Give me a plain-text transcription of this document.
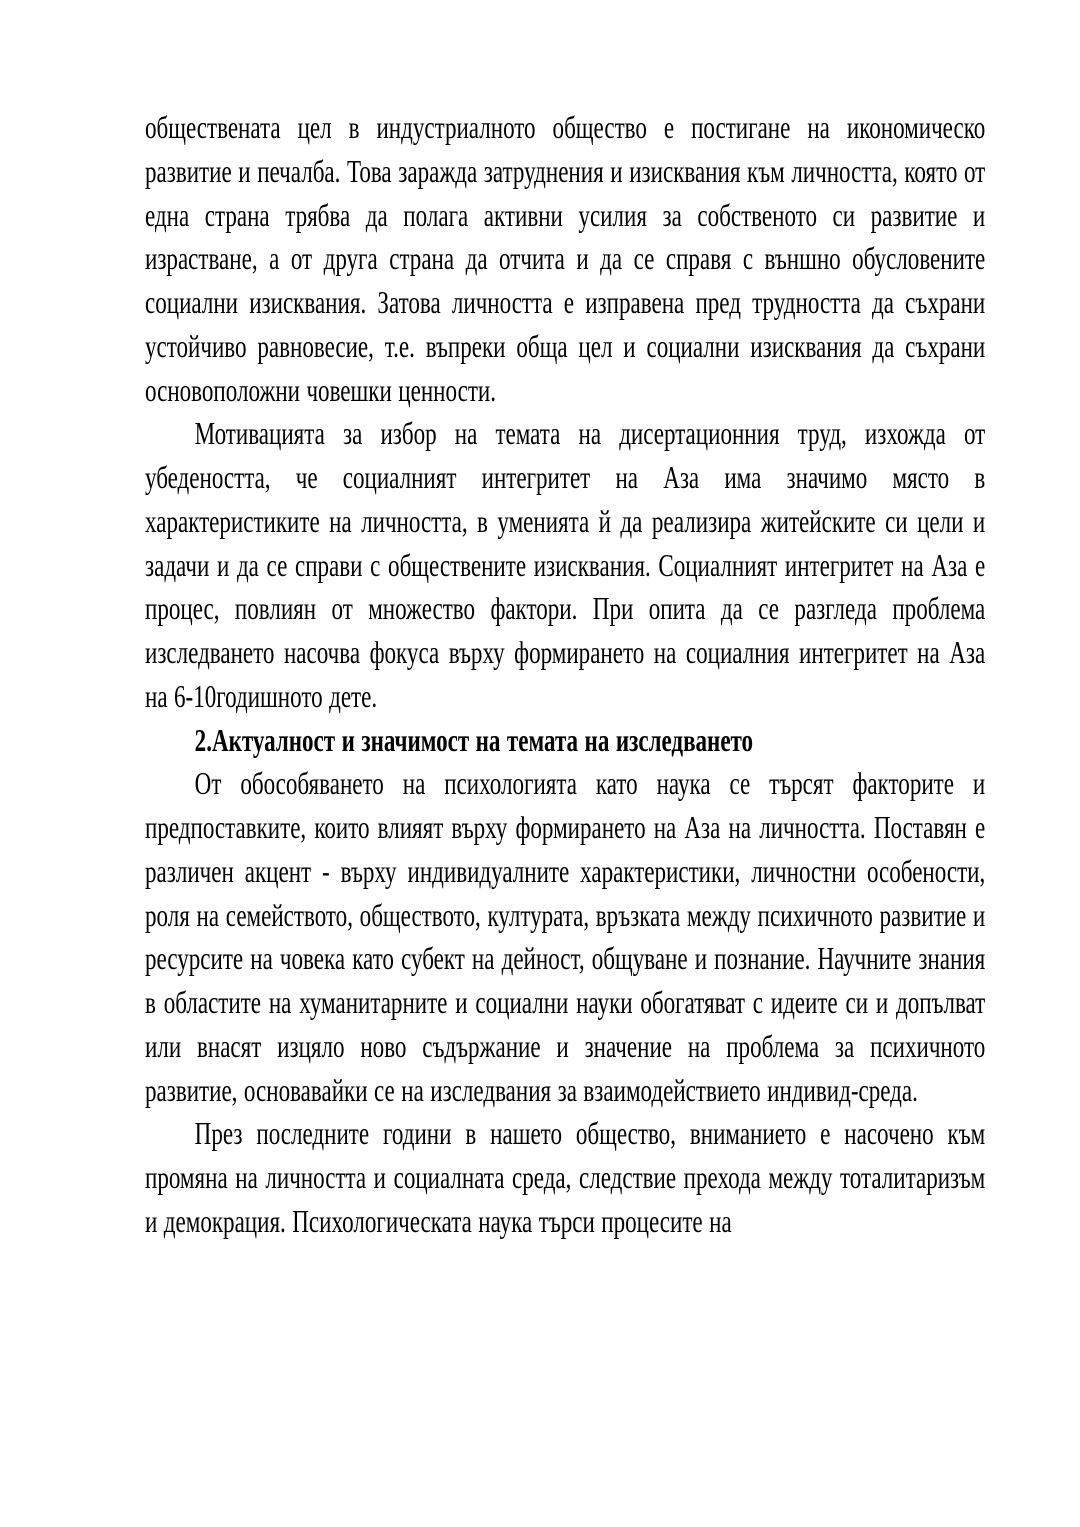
обществената цел в индустриалното общество е постигане на икономическо развитие и печалба. Това заражда затруднения и изисквания към личността, която от една страна трябва да полага активни усилия за собственото си развитие и израстване, а от друга страна да отчита и да се справя с външно обусловените социални изисквания. Затова личността е изправена пред трудността да съхрани устойчиво равновесие, т.е. въпреки обща цел и социални изисквания да съхрани основоположни човешки ценности.

Мотивацията за избор на темата на дисертационния труд, изхожда от убедеността, че социалният интегритет на Аза има значимо място в характеристиките на личността, в уменията й да реализира житейските си цели и задачи и да се справи с обществените изисквания. Социалният интегритет на Аза е процес, повлиян от множество фактори. При опита да се разгледа проблема изследването насочва фокуса върху формирането на социалния интегритет на Аза на 6-10годишното дете.

2.Актуалност и значимост на темата на изследването

От обособяването на психологията като наука се търсят факторите и предпоставките, които влияят върху формирането на Аза на личността. Поставян е различен акцент - върху индивидуалните характеристики, личностни особености, роля на семейството, обществото, културата, връзката между психичното развитие и ресурсите на човека като субект на дейност, общуване и познание. Научните знания в областите на хуманитарните и социални науки обогатяват с идеите си и допълват или внасят изцяло ново съдържание и значение на проблема за психичното развитие, основавайки се на изследвания за взаимодействието индивид-среда.

През последните години в нашето общество, вниманието е насочено към промяна на личността и социалната среда, следствие прехода между тоталитаризъм и демокрация. Психологическата наука търси процесите на
